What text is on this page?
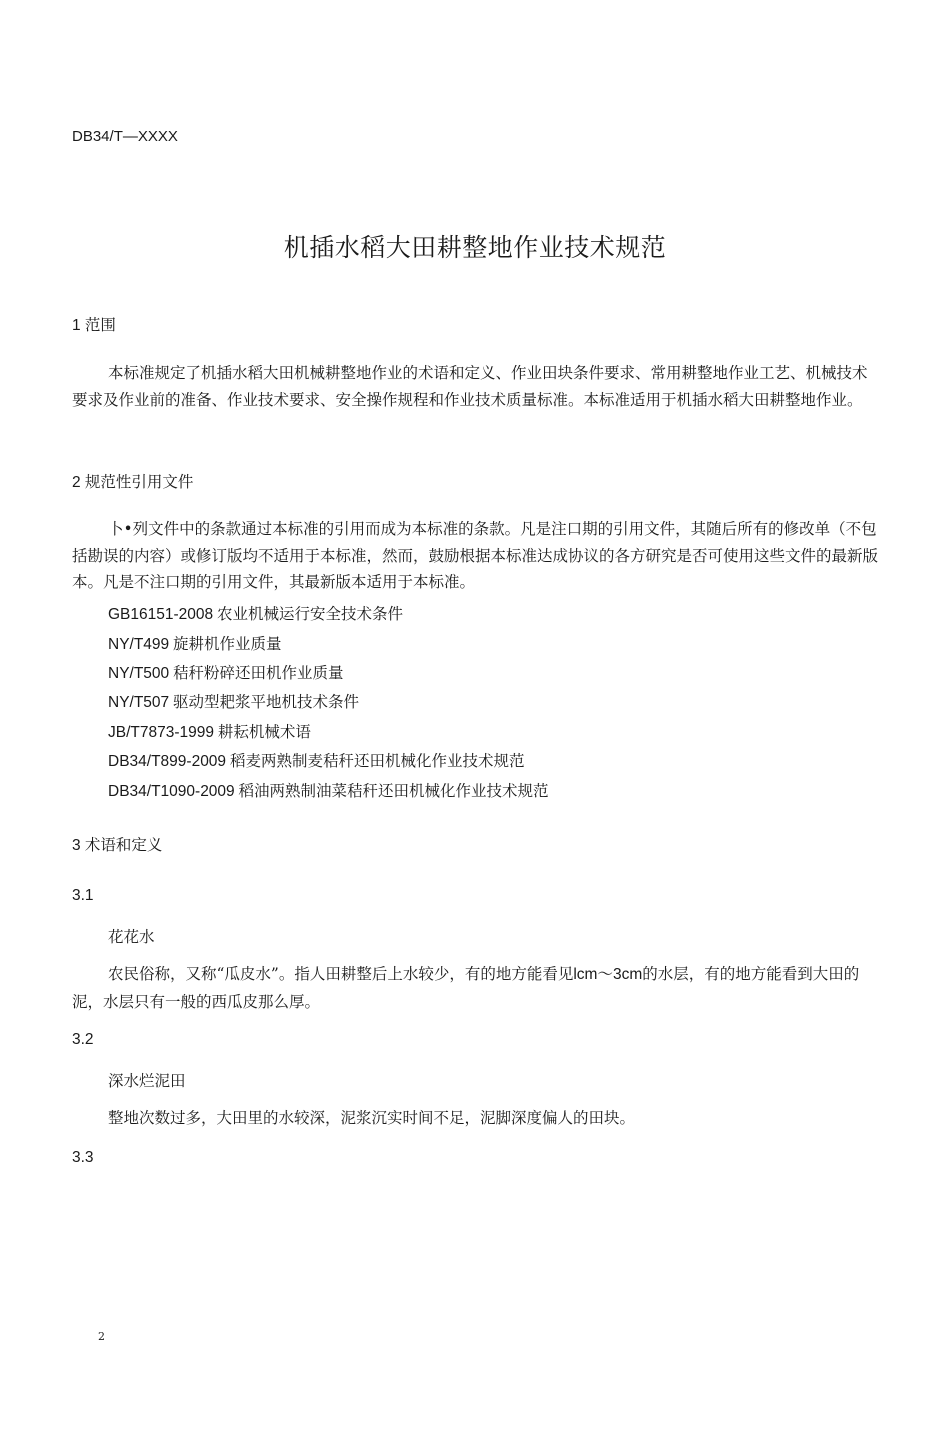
DB34/T—XXXX
机插水稻大田耕整地作业技术规范
1 范围
本标准规定了机插水稻大田机械耕整地作业的术语和定义、作业田块条件要求、常用耕整地作业工艺、机械技术要求及作业前的准备、作业技术要求、安全操作规程和作业技术质量标准。本标准适用于机插水稻大田耕整地作业。
2 规范性引用文件
卜•列文件中的条款通过本标准的引用而成为本标准的条款。凡是注口期的引用文件，其随后所有的修改单（不包括勘误的内容）或修订版均不适用于本标准，然而，鼓励根据本标准达成协议的各方研究是否可使用这些文件的最新版本。凡是不注口期的引用文件，其最新版本适用于本标准。
GB16151-2008 农业机械运行安全技术条件
NY/T499 旋耕机作业质量
NY/T500 秸秆粉碎还田机作业质量
NY/T507 驱动型耙浆平地机技术条件
JB/T7873-1999 耕耘机械术语
DB34/T899-2009 稻麦两熟制麦秸秆还田机械化作业技术规范
DB34/T1090-2009 稻油两熟制油菜秸秆还田机械化作业技术规范
3 术语和定义
3.1
花花水
农民俗称，又称“瓜皮水”。指人田耕整后上水较少，有的地方能看见lcm〜3cm的水层，有的地方能看到大田的泥，水层只有一般的西瓜皮那么厚。
3.2
深水烂泥田
整地次数过多，大田里的水较深，泥浆沉实时间不足，泥脚深度偏人的田块。
3.3
2
